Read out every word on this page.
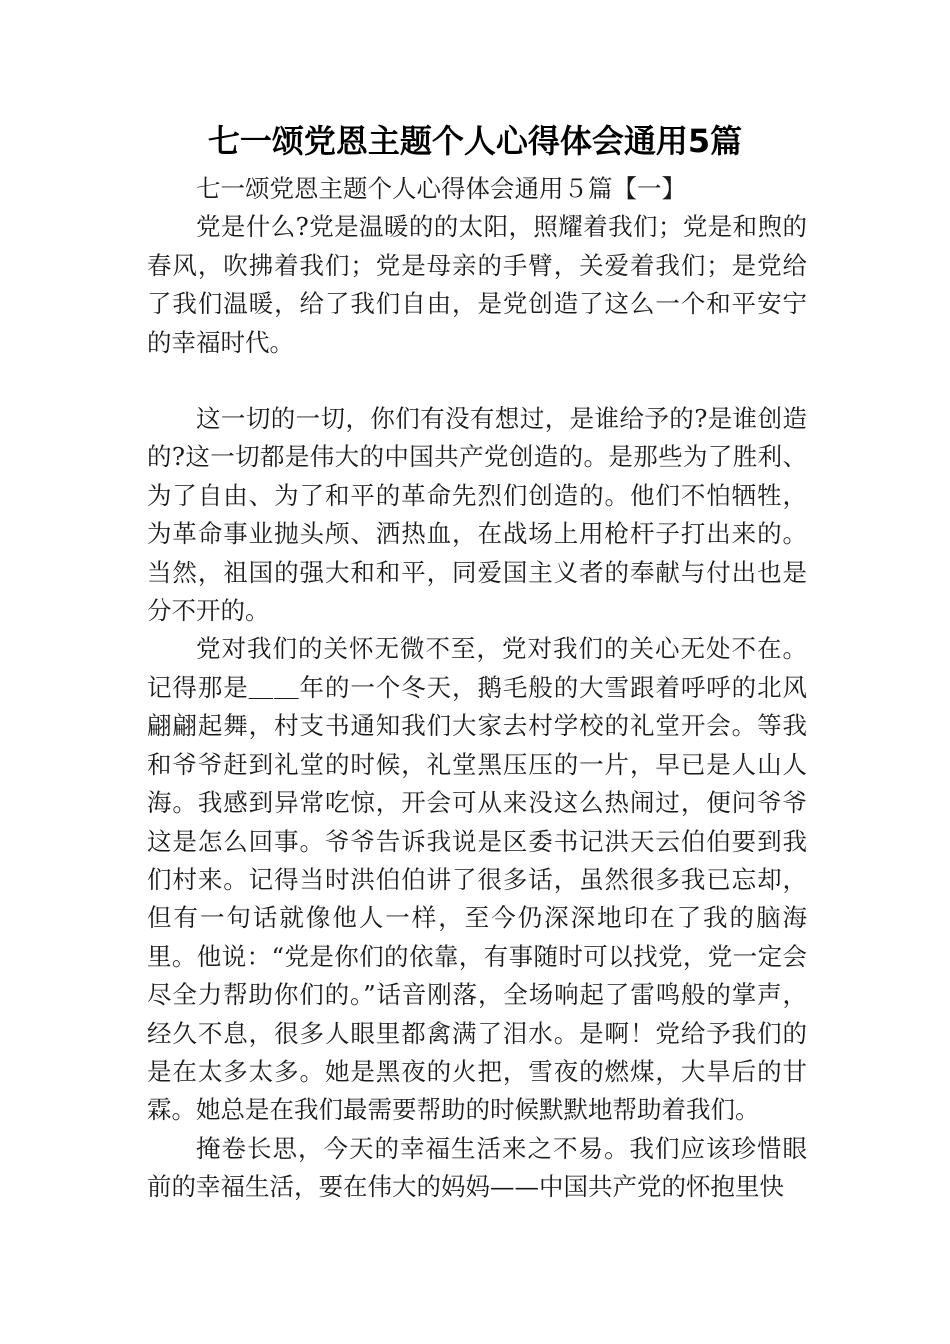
七一颂党恩主题个人心得体会通用5篇

七一颂党恩主题个人心得体会通用５篇【一】

党是什么?党是温暖的的太阳，照耀着我们；党是和煦的春风，吹拂着我们；党是母亲的手臂，关爱着我们；是党给了我们温暖，给了我们自由，是党创造了这么一个和平安宁的幸福时代。

这一切的一切，你们有没有想过，是谁给予的?是谁创造的?这一切都是伟大的中国共产党创造的。是那些为了胜利、为了自由、为了和平的革命先烈们创造的。他们不怕牺牲，为革命事业抛头颅、洒热血，在战场上用枪杆子打出来的。当然，祖国的强大和和平，同爱国主义者的奉献与付出也是分不开的。

党对我们的关怀无微不至，党对我们的关心无处不在。记得那是＿＿年的一个冬天，鹅毛般的大雪跟着呼呼的北风翩翩起舞，村支书通知我们大家去村学校的礼堂开会。等我和爷爷赶到礼堂的时候，礼堂黑压压的一片，早已是人山人海。我感到异常吃惊，开会可从来没这么热闹过，便问爷爷这是怎么回事。爷爷告诉我说是区委书记洪天云伯伯要到我们村来。记得当时洪伯伯讲了很多话，虽然很多我已忘却，但有一句话就像他人一样，至今仍深深地印在了我的脑海里。他说：“党是你们的依靠，有事随时可以找党，党一定会尽全力帮助你们的。”话音刚落，全场响起了雷鸣般的掌声，经久不息，很多人眼里都禽满了泪水。是啊！党给予我们的是在太多太多。她是黑夜的火把，雪夜的燃煤，大旱后的甘霖。她总是在我们最需要帮助的时候默默地帮助着我们。

掩卷长思，今天的幸福生活来之不易。我们应该珍惜眼前的幸福生活，要在伟大的妈妈——中国共产党的怀抱里快
